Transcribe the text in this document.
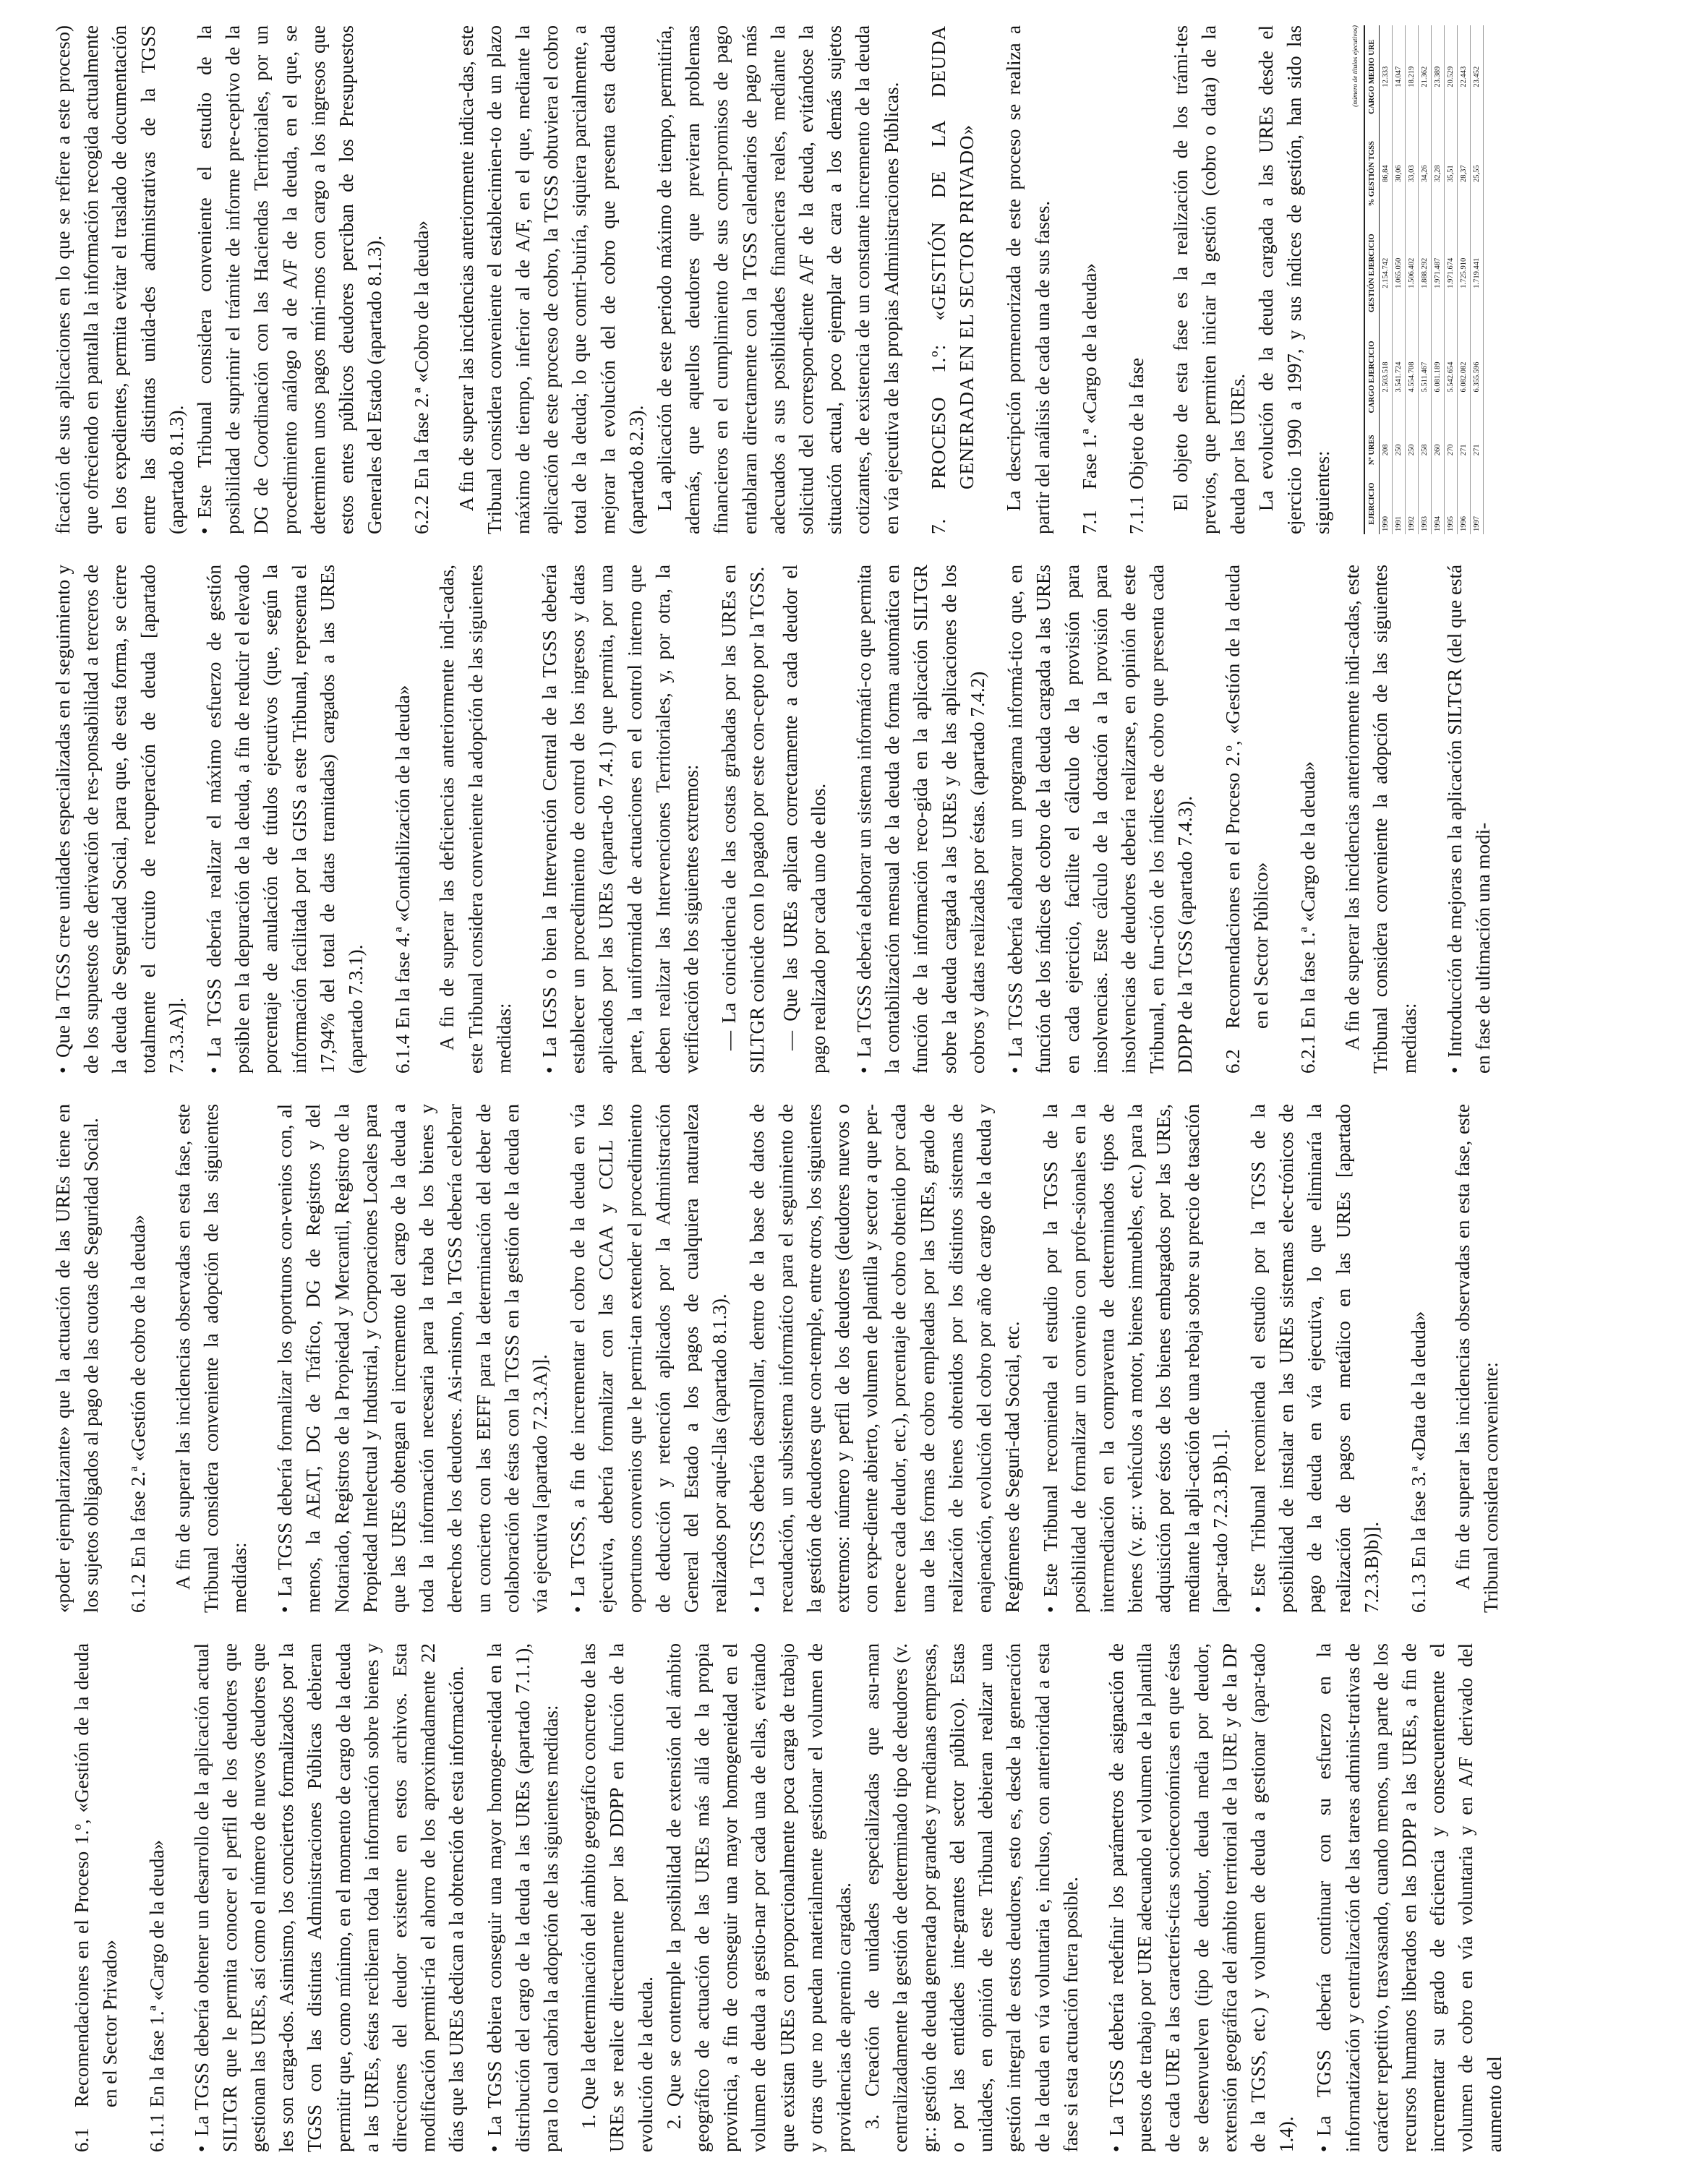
6.1
Recomendaciones en el Proceso 1.º, «Gestión de la deuda en el Sector Privado»
6.1.1
En la fase 1.ª «Cargo de la deuda» • La TGSS debería obtener un desarrollo de la aplicación actual SILTGR que le permita conocer el perfil de los deudores que gestionan las UREs, así como el número de nuevos deudores que les son carga-dos. Asimismo, los conciertos formalizados por la TGSS con las distintas Administraciones Públicas debieran permitir que, como mínimo, en el momento de cargo de la deuda a las UREs, éstas recibieran toda la información sobre bienes y direcciones del deudor existente en estos archivos. Esta modificación permiti-ría el ahorro de los aproximadamente 22 días que las UREs dedican a la obtención de esta información. • La TGSS debiera conseguir una mayor homoge-neidad en la distribución del cargo de la deuda a las UREs (apartado 7.1.1), para lo cual cabría la adopción de las siguientes medidas: 1. Que la determinación del ámbito geográfico concreto de las UREs se realice directamente por las DDPP en función de la evolución de la deuda. 2. Que se contemple la posibilidad de extensión del ámbito geográfico de actuación de las UREs más allá de la propia provincia, a fin de conseguir una mayor homogeneidad en el volumen de deuda a gestio-nar por cada una de ellas, evitando que existan UREs con proporcionalmente poca carga de trabajo y otras que no puedan materialmente gestionar el volumen de providencias de apremio cargadas. 3. Creación de unidades especializadas que asu-man centralizadamente la gestión de determinado tipo de deudores (v. gr.: gestión de deuda generada por grandes y medianas empresas, o por las entidades inte-grantes del sector público). Estas unidades, en opinión de este Tribunal debieran realizar una gestión integral de estos deudores, esto es, desde la generación de la deuda en vía voluntaria e, incluso, con anterioridad a esta fase si esta actuación fuera posible. • La TGSS debería redefinir los parámetros de asignación de puestos de trabajo por URE adecuando el volumen de la plantilla de cada URE a las caracterís-ticas socioeconómicas en que éstas se desenvuelven (tipo de deudor, deuda media por deudor, extensión geográfica del ámbito territorial de la URE y de la DP de la TGSS, etc.) y volumen de deuda a gestionar (apar-tado 1.4). • La TGSS debería continuar con su esfuerzo en la informatización y centralización de las tareas adminis-trativas de carácter repetitivo, trasvasando, cuando menos, una parte de los recursos humanos liberados en las DDPP a las UREs, a fin de incrementar su grado de eficiencia y consecuentemente el volumen de cobro en vía voluntaria y en A/F derivado del aumento del

«poder ejemplarizante» que la actuación de las UREs tiene en los sujetos obligados al pago de las cuotas de Seguridad Social. 6.1.2
En la fase 2.ª «Gestión de cobro de la deuda» A fin de superar las incidencias observadas en esta fase, este Tribunal considera conveniente la adopción de las siguientes medidas: • La TGSS debería formalizar los oportunos con-venios con, al menos, la AEAT, DG de Tráfico, DG de Registros y del Notariado, Registros de la Propiedad y Mercantil, Registro de la Propiedad Intelectual y Industrial, y Corporaciones Locales para que las UREs obtengan el incremento del cargo de la deuda a toda la información necesaria para la traba de los bienes y derechos de los deudores. Asi-mismo, la TGSS debería celebrar un concierto con las EEFF para la determinación del deber de colaboración de éstas con la TGSS en la gestión de la deuda en vía ejecutiva [apartado 7.2.3.A)]. • La TGSS, a fin de incrementar el cobro de la deuda en vía ejecutiva, debería formalizar con las CCAA y CCLL los oportunos convenios que le permi-tan extender el procedimiento de deducción y retención aplicados por la Administración General del Estado a los pagos de cualquiera naturaleza realizados por aqué-llas (apartado 8.1.3). • La TGSS debería desarrollar, dentro de la base de datos de recaudación, un subsistema informático para el seguimiento de la gestión de deudores que con-temple, entre otros, los siguientes extremos: número y perfil de los deudores (deudores nuevos o con expe-diente abierto, volumen de plantilla y sector a que per-tenece cada deudor, etc.), porcentaje de cobro obtenido por cada una de las formas de cobro empleadas por las UREs, grado de realización de bienes obtenidos por los distintos sistemas de enajenación, evolución del cobro por año de cargo de la deuda y Regímenes de Seguri-dad Social, etc. • Este Tribunal recomienda el estudio por la TGSS de la posibilidad de formalizar un convenio con profe-sionales en la intermediación en la compraventa de determinados tipos de bienes (v. gr.: vehículos a motor, bienes inmuebles, etc.) para la adquisición por éstos de los bienes embargados por las UREs, mediante la apli-cación de una rebaja sobre su precio de tasación [apar-tado 7.2.3.B)b.1]. • Este Tribunal recomienda el estudio por la TGSS de la posibilidad de instalar en las UREs sistemas elec-trónicos de pago de la deuda en vía ejecutiva, lo que eliminaría la realización de pagos en metálico en las UREs [apartado 7.2.3.B)b)]. 6.1.3
En la fase 3.ª «Data de la deuda» A fin de superar las incidencias observadas en esta fase, este Tribunal considera conveniente:

• Que la TGSS cree unidades especializadas en el seguimiento y de los supuestos de derivación de res-ponsabilidad a terceros de la deuda de Seguridad Social, para que, de esta forma, se cierre totalmente el circuito de recuperación de deuda [apartado 7.3.3.A)]. • La TGSS debería realizar el máximo esfuerzo de gestión posible en la depuración de la deuda, a fin de reducir el elevado porcentaje de anulación de títulos ejecutivos (que, según la información facilitada por la GISS a este Tribunal, representa el 17,94% del total de datas tramitadas) cargados a las UREs (apartado 7.3.1). 6.1.4
En la fase 4.ª «Contabilización de la deuda» A fin de superar las deficiencias anteriormente indi-cadas, este Tribunal considera conveniente la adopción de las siguientes medidas: • La IGSS o bien la Intervención Central de la TGSS debería establecer un procedimiento de control de los ingresos y datas aplicados por las UREs (aparta-do 7.4.1) que permita, por una parte, la uniformidad de actuaciones en el control interno que deben realizar las Intervenciones Territoriales, y, por otra, la verificación de los siguientes extremos: — La coincidencia de las costas grabadas por las UREs en SILTGR coincide con lo pagado por este con-cepto por la TGSS. — Que las UREs aplican correctamente a cada deudor el pago realizado por cada uno de ellos. • La TGSS debería elaborar un sistema informáti-co que permita la contabilización mensual de la deuda de forma automática en función de la información reco-gida en la aplicación SILTGR sobre la deuda cargada a las UREs y de las aplicaciones de los cobros y datas realizadas por éstas. (apartado 7.4.2) • La TGSS debería elaborar un programa informá-tico que, en función de los índices de cobro de la deuda cargada a las UREs en cada ejercicio, facilite el cálculo de la provisión para insolvencias. Este cálculo de la dotación a la provisión para insolvencias de deudores debería realizarse, en opinión de este Tribunal, en fun-ción de los índices de cobro que presenta cada DDPP de la TGSS (apartado 7.4.3). 6.2
Recomendaciones en el Proceso 2.º, «Gestión de la deuda en el Sector Público»
6.2.1
En la fase 1.ª «Cargo de la deuda» A fin de superar las incidencias anteriormente indi-cadas, este Tribunal considera conveniente la adopción de las siguientes medidas: • Introducción de mejoras en la aplicación SILTGR (del que está en fase de ultimación una modi-

ficación de sus aplicaciones en lo que se refiere a este proceso) que ofreciendo en pantalla la información recogida actualmente en los expedientes, permita evitar el traslado de documentación entre las distintas unida-des administrativas de la TGSS (apartado 8.1.3). • Este Tribunal considera conveniente el estudio de la posibilidad de suprimir el trámite de informe pre-ceptivo de la DG de Coordinación con las Haciendas Territoriales, por un procedimiento análogo al de A/F de la deuda, en el que, se determinen unos pagos míni-mos con cargo a los ingresos que estos entes públicos deudores perciban de los Presupuestos Generales del Estado (apartado 8.1.3). 6.2.2
En la fase 2.ª «Cobro de la deuda» A fin de superar las incidencias anteriormente indica-das, este Tribunal considera conveniente el establecimien-to de un plazo máximo de tiempo, inferior al de A/F, en el que, mediante la aplicación de este proceso de cobro, la TGSS obtuviera el cobro total de la deuda; lo que contri-buiría, siquiera parcialmente, a mejorar la evolución del de cobro que presenta esta deuda (apartado 8.2.3). La aplicación de este periodo máximo de tiempo, permitiría, además, que aquellos deudores que previeran problemas financieros en el cumplimiento de sus com-promisos de pago entablaran directamente con la TGSS calendarios de pago más adecuados a sus posibilidades financieras reales, mediante la solicitud del correspon-diente A/F de la deuda, evitándose la situación actual, poco ejemplar de cara a los demás sujetos cotizantes, de existencia de un constante incremento de la deuda en vía ejecutiva de las propias Administraciones Públicas. 7.
PROCESO 1.º: «GESTIÓN DE LA DEUDA GENERADA EN EL SECTOR PRIVADO» La descripción pormenorizada de este proceso se realiza a partir del análisis de cada una de sus fases. 7.1
Fase 1.ª «Cargo de la deuda»
7.1.1
Objeto de la fase El objeto de esta fase es la realización de los trámi-tes previos, que permiten iniciar la gestión (cobro o data) de la deuda por las UREs. La evolución de la deuda cargada a las UREs desde el ejercicio 1990 a 1997, y sus índices de gestión, han sido las siguientes:

(número de títulos ejecutivos)
EJERCICIO	Nº URES	CARGO EJERCICIO	GESTIÓN EJERCICIO	% GESTIÓN TGSS	CARGO MEDIO URE
1990	208	2.503.518	2.154.742	86,84	12.333
1991	250	3.541.724	1.065.050	30,06	14.047
1992	250	4.554.708	1.506.402	33,03	18.219
1993	258	5.511.467	1.888.292	34,26	21.362
1994	260	6.081.189	1.971.487	32,28	23.389
1995	270	5.542.654	1.971.674	35,51	20.529
1996	271	6.082.082	1.725.910	28,37	22.443
1997	271	6.355.596	1.719.441	25,55	23.452
